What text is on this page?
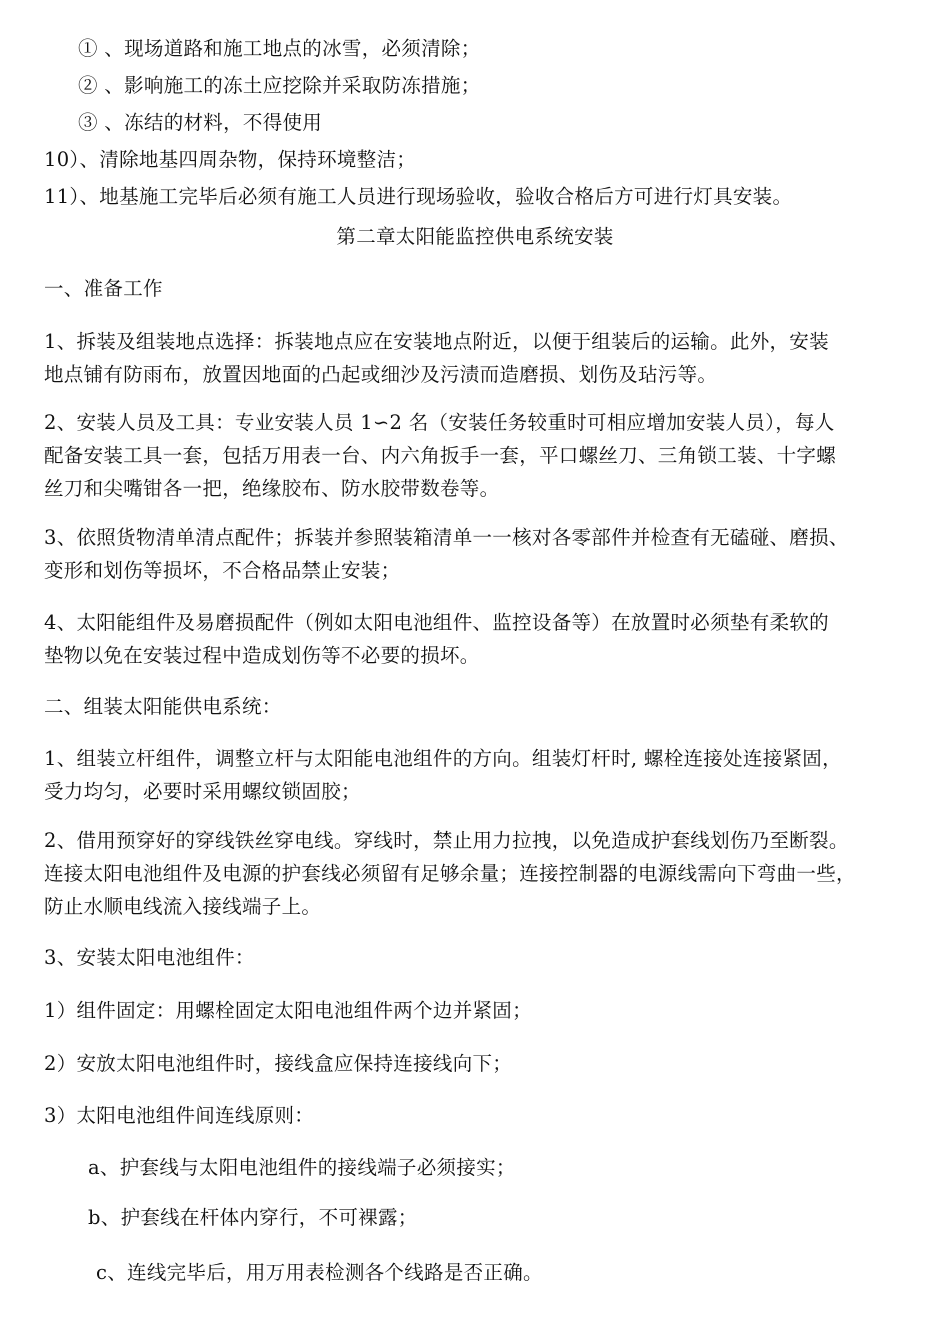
① 、现场道路和施工地点的冰雪，必须清除；
② 、影响施工的冻土应挖除并采取防冻措施；
③ 、冻结的材料，不得使用
10）、清除地基四周杂物，保持环境整洁；
11）、地基施工完毕后必须有施工人员进行现场验收，验收合格后方可进行灯具安装。
第二章太阳能监控供电系统安装
一、准备工作
1、拆装及组装地点选择：拆装地点应在安装地点附近，以便于组装后的运输。此外，安装
地点铺有防雨布，放置因地面的凸起或细沙及污渍而造磨损、划伤及玷污等。
2、安装人员及工具：专业安装人员 1∽2 名（安装任务较重时可相应增加安装人员），每人
配备安装工具一套，包括万用表一台、内六角扳手一套，平口螺丝刀、三角锁工装、十字螺
丝刀和尖嘴钳各一把，绝缘胶布、防水胶带数卷等。
3、依照货物清单清点配件；拆装并参照装箱清单一一核对各零部件并检查有无磕碰、磨损、
变形和划伤等损坏，不合格品禁止安装；
4、太阳能组件及易磨损配件（例如太阳电池组件、监控设备等）在放置时必须垫有柔软的
垫物以免在安装过程中造成划伤等不必要的损坏。
二、组装太阳能供电系统：
1、组装立杆组件，调整立杆与太阳能电池组件的方向。组装灯杆时, 螺栓连接处连接紧固，
受力均匀，必要时采用螺纹锁固胶；
2、借用预穿好的穿线铁丝穿电线。穿线时，禁止用力拉拽，以免造成护套线划伤乃至断裂。
连接太阳电池组件及电源的护套线必须留有足够余量；连接控制器的电源线需向下弯曲一些，
防止水顺电线流入接线端子上。
3、安装太阳电池组件：
1）组件固定：用螺栓固定太阳电池组件两个边并紧固；
2）安放太阳电池组件时，接线盒应保持连接线向下；
3）太阳电池组件间连线原则：
a、护套线与太阳电池组件的接线端子必须接实；
b、护套线在杆体内穿行，不可裸露；
c、连线完毕后，用万用表检测各个线路是否正确。
